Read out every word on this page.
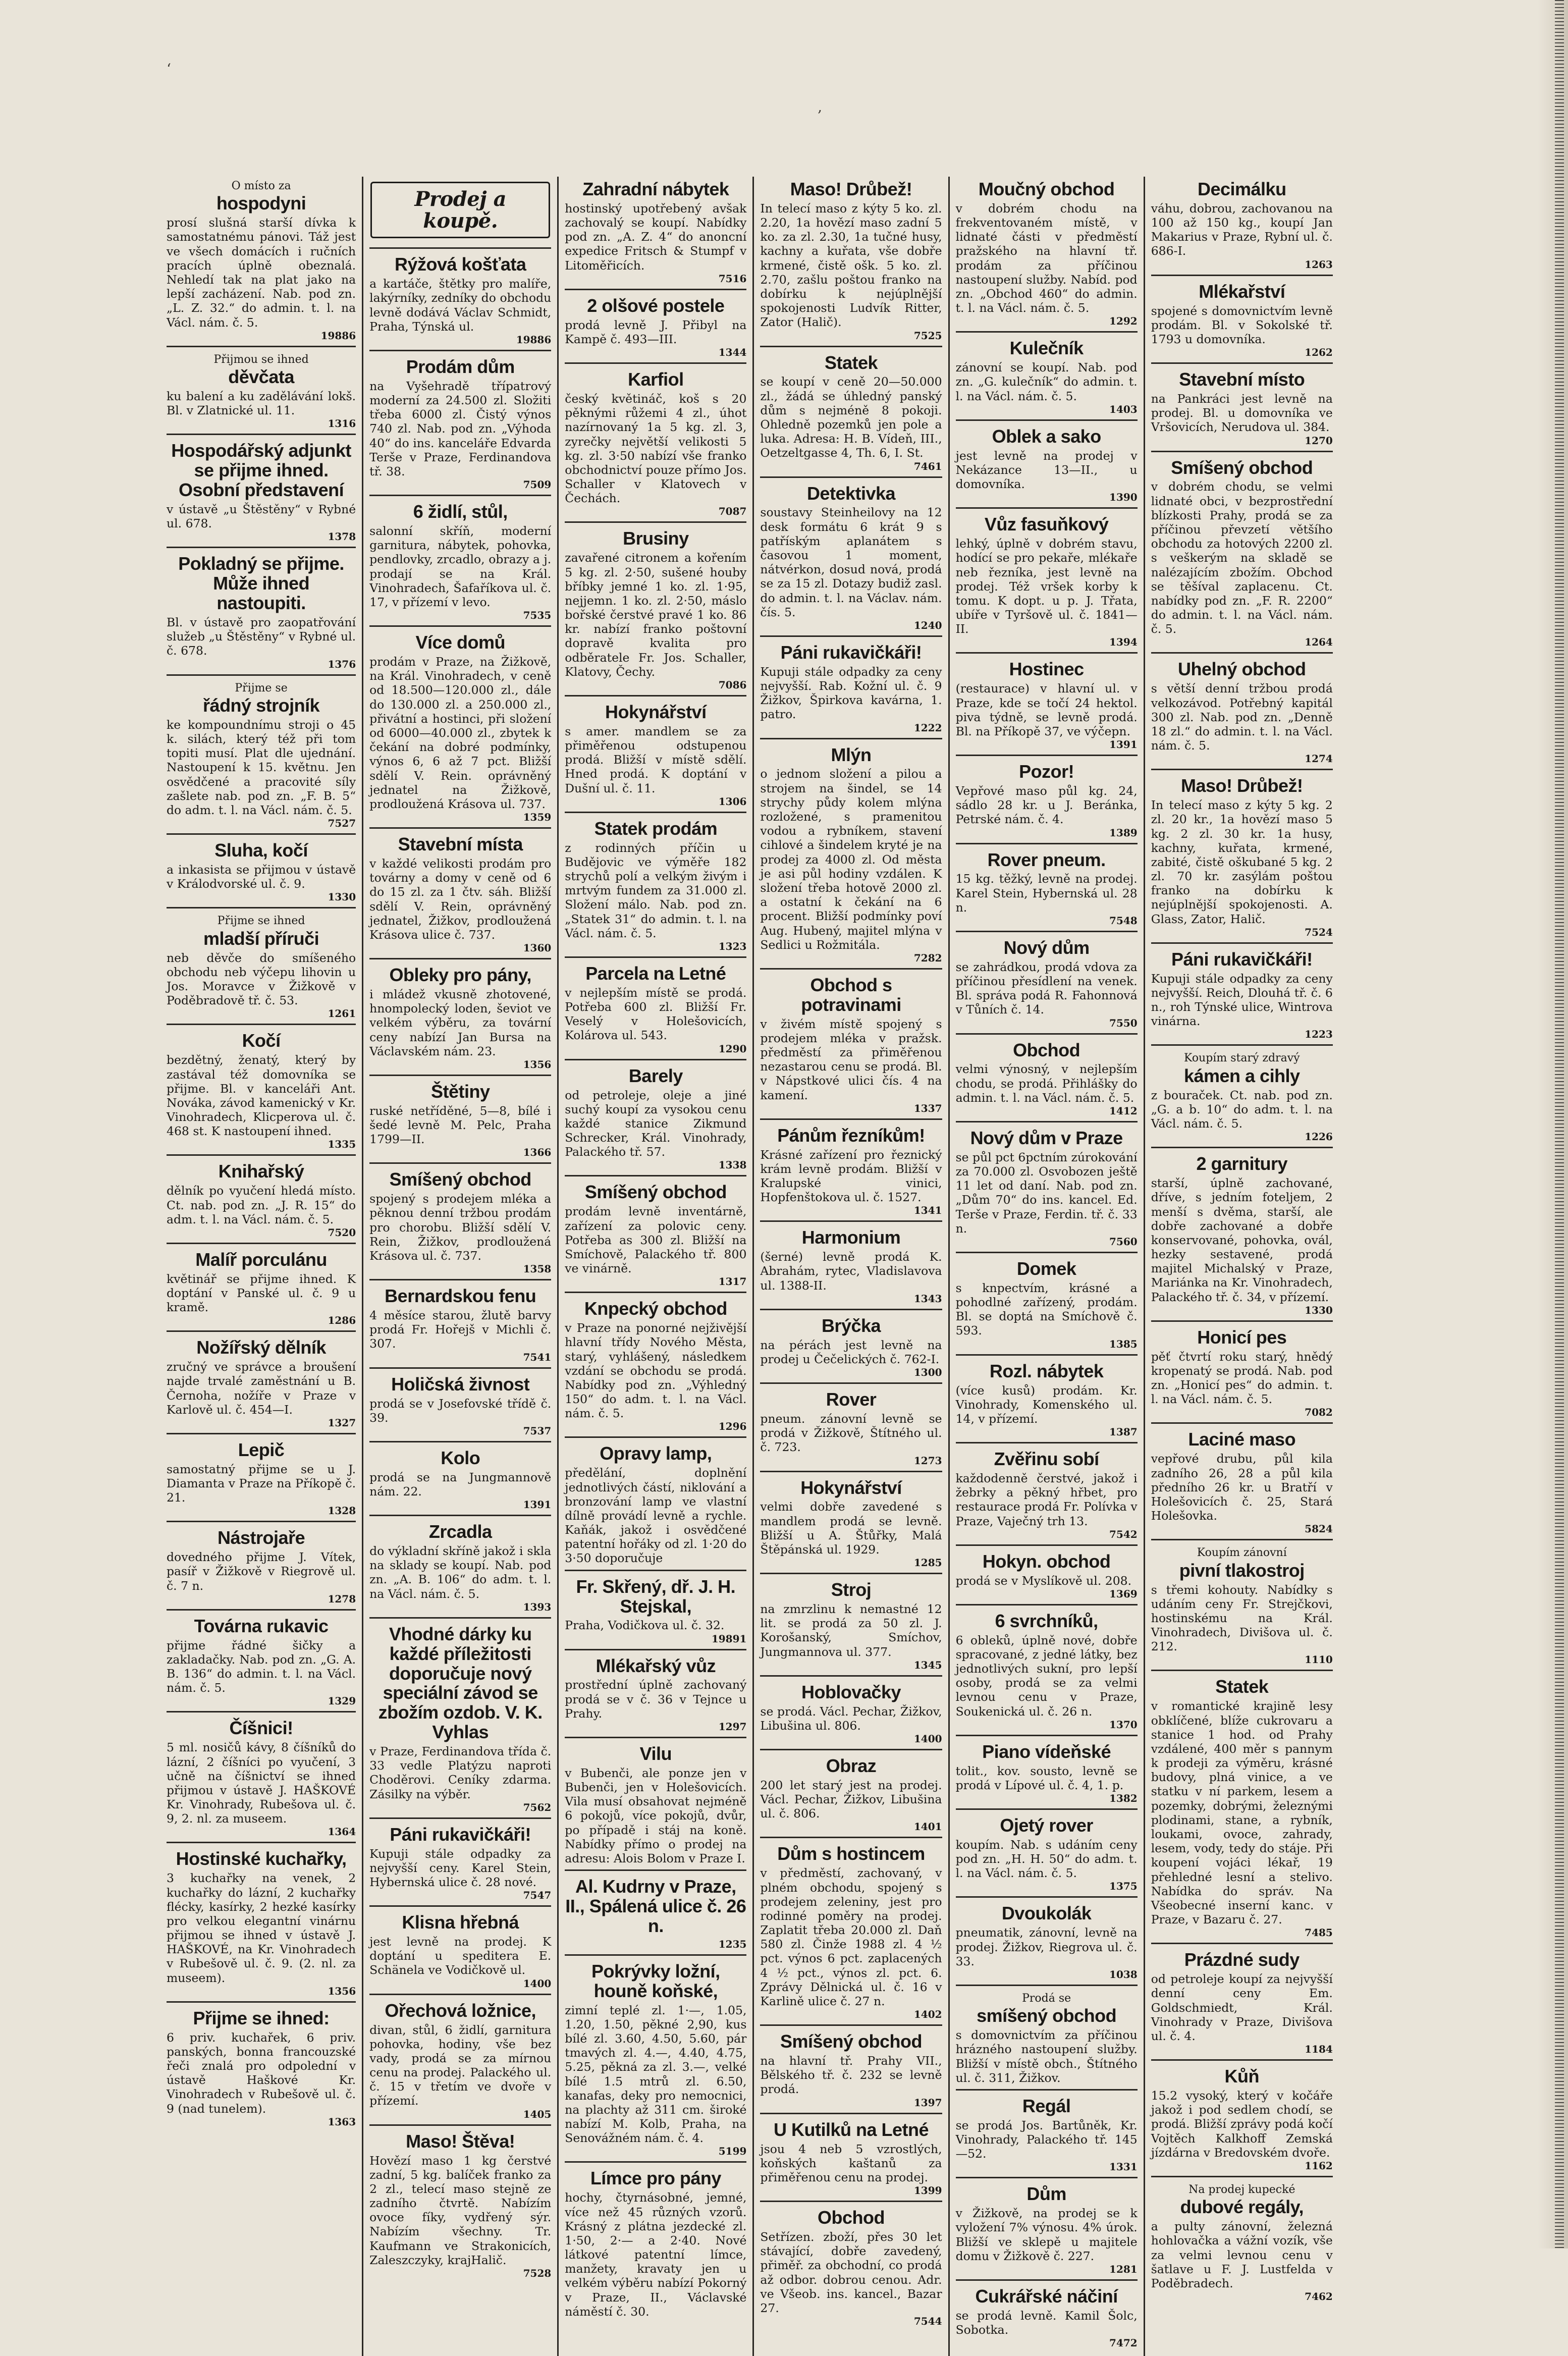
‘
‚
O místo za
hospodyni
prosí slušná starší dívka k samostatnému pánovi. Táž jest ve všech domácích i ručních pracích úplně obeznalá. Nehledí tak na plat jako na lepší zacházení. Nab. pod zn. „L. Z. 32.“ do admin. t. l. na Václ. nám. č. 5.
19886
Přijmou se ihned
děvčata
ku balení a ku zadělávání lokš. Bl. v Zlatnické ul. 11.
1316
Hospodářský adjunkt se přijme ihned. Osobní představení
v ústavě „u Štěstěny“ v Rybné ul. 678.
1378
Pokladný se přijme. Může ihned nastoupiti.
Bl. v ústavě pro zaopatřování služeb „u Štěstěny“ v Rybné ul. č. 678.
1376
Přijme se
řádný strojník
ke kompoundnímu stroji o 45 k. silách, který též při tom topiti musí. Plat dle ujednání. Nastoupení k 15. květnu. Jen osvědčené a pracovité síly zašlete nab. pod zn. „F. B. 5“ do adm. t. l. na Václ. nám. č. 5.
7527
Sluha, kočí
a inkasista se přijmou v ústavě v Králodvorské ul. č. 9.
1330
Přijme se ihned
mladší příruči
neb děvče do smíšeného obchodu neb výčepu lihovin u Jos. Moravce v Žižkově v Poděbradově tř. č. 53.
1261
Kočí
bezdětný, ženatý, který by zastával též domovníka se přijme. Bl. v kanceláři Ant. Nováka, závod kamenický v Kr. Vinohradech, Klicperova ul. č. 468 st. K nastoupení ihned.
1335
Knihařský
dělník po vyučení hledá místo. Ct. nab. pod zn. „J. R. 15“ do adm. t. l. na Václ. nám. č. 5.
7520
Malíř porculánu
květinář se přijme ihned. K doptání v Panské ul. č. 9 u kramě.
1286
Nožířský dělník
zručný ve správce a broušení najde trvalé zaměstnání u B. Černoha, nožíře v Praze v Karlově ul. č. 454—I.
1327
Lepič
samostatný přijme se u J. Diamanta v Praze na Příkopě č. 21.
1328
Nástrojaře
dovedného přijme J. Vítek, pasíř v Žižkově v Riegrově ul. č. 7 n.
1278
Továrna rukavic
přijme řádné šičky a zakladačky. Nab. pod zn. „G. A. B. 136“ do admin. t. l. na Václ. nám. č. 5.
1329
Číšnici!
5 ml. nosičů kávy, 8 číšníků do lázní, 2 číšníci po vyučení, 3 učně na číšnictví se ihned přijmou v ústavě J. HAŠKOVÉ Kr. Vinohrady, Rubešova ul. č. 9, 2. nl. za museem.
1364
Hostinské kuchařky,
3 kuchařky na venek, 2 kuchařky do lázní, 2 kuchařky flécky, kasírky, 2 hezké kasírky pro velkou elegantní vinárnu přijmou se ihned v ústavě J. HAŠKOVÉ, na Kr. Vinohradech v Rubešově ul. č. 9. (2. nl. za museem).
1356
Přijme se ihned:
6 priv. kuchařek, 6 priv. panských, bonna francouzské řeči znalá pro odpolední v ústavě Haškové Kr. Vinohradech v Rubešově ul. č. 9 (nad tunelem).
1363
Prodej a koupě.
Rýžová košťata
a kartáče, štětky pro malíře, lakýrníky, zedníky do obchodu levně dodává Václav Schmidt, Praha, Týnská ul.
19886
Prodám dům
na Vyšehradě třípatrový moderní za 24.500 zl. Složiti třeba 6000 zl. Čistý výnos 740 zl. Nab. pod zn. „Výhoda 40“ do ins. kanceláře Edvarda Terše v Praze, Ferdinandova tř. 38.
7509
6 židlí, stůl,
salonní skříň, moderní garnitura, nábytek, pohovka, pendlovky, zrcadlo, obrazy a j. prodají se na Král. Vinohradech, Šafaříkova ul. č. 17, v přízemí v levo.
7535
Více domů
prodám v Praze, na Žižkově, na Král. Vinohradech, v ceně od 18.500—120.000 zl., dále do 130.000 zl. a 250.000 zl., přivátní a hostinci, při složení od 6000—40.000 zl., zbytek k čekání na dobré podmínky, výnos 6, 6 až 7 pct. Bližší sdělí V. Rein. oprávněný jednatel na Žižkově, prodloužená Krásova ul. 737.
1359
Stavební místa
v každé velikosti prodám pro továrny a domy v ceně od 6 do 15 zl. za 1 čtv. sáh. Bližší sdělí V. Rein, oprávněný jednatel, Žižkov, prodloužená Krásova ulice č. 737.
1360
Obleky pro pány,
i mládež vkusně zhotovené, hnompolecký loden, ševiot ve velkém výběru, za tovární ceny nabízí Jan Bursa na Václavském nám. 23.
1356
Štětiny
ruské netříděné, 5—8, bílé i šedé levně M. Pelc, Praha 1799—II.
1366
Smíšený obchod
spojený s prodejem mléka a pěknou denní tržbou prodám pro chorobu. Bližší sdělí V. Rein, Žižkov, prodloužená Krásova ul. č. 737.
1358
Bernardskou fenu
4 měsíce starou, žlutě barvy prodá Fr. Hořejš v Michli č. 307.
7541
Holičská živnost
prodá se v Josefovské třídě č. 39.
7537
Kolo
prodá se na Jungmannově nám. 22.
1391
Zrcadla
do výkladní skříně jakož i skla na sklady se koupí. Nab. pod zn. „A. B. 106“ do adm. t. l. na Václ. nám. č. 5.
1393
Vhodné dárky ku každé příležitosti doporučuje nový speciální závod se zbožím ozdob. V. K. Vyhlas
v Praze, Ferdinandova třída č. 33 vedle Platýzu naproti Choděrovi. Ceníky zdarma. Zásilky na výběr.
7562
Páni rukavičkáři!
Kupuji stále odpadky za nejvyšší ceny. Karel Stein, Hybernská ulice č. 28 nové.
7547
Klisna hřebná
jest levně na prodej. K doptání u speditera E. Schänela ve Vodičkově ul.
1400
Ořechová ložnice,
divan, stůl, 6 židlí, garnitura pohovka, hodiny, vše bez vady, prodá se za mírnou cenu na prodej. Palackého ul. č. 15 v třetím ve dvoře v přízemí.
1405
Maso! Štěva!
Hovězí maso 1 kg čerstvé zadní, 5 kg. balíček franko za 2 zl., telecí maso stejně ze zadního čtvrtě. Nabízím ovoce fíky, vydřený sýr. Nabízím všechny. Tr. Kaufmann ve Strakonicích, Zaleszczyky, krajHalič.
7528
Zahradní nábytek
hostinský upotřebený avšak zachovalý se koupí. Nabídky pod zn. „A. Z. 4“ do anoncní expedice Fritsch & Stumpf v Litoměřicích.
7516
2 olšové postele
prodá levně J. Přibyl na Kampě č. 493—III.
1344
Karfiol
český květináč, koš s 20 pěknými růžemi 4 zl., úhot nazírnovaný 1a 5 kg. zl. 3, zyrečky největší velikosti 5 kg. zl. 3·50 nabízí vše franko obchodnictví pouze přímo Jos. Schaller v Klatovech v Čechách.
7087
Brusiny
zavařené citronem a kořením 5 kg. zl. 2·50, sušené houby bříbky jemné 1 ko. zl. 1·95, nejjemn. 1 ko. zl. 2·50, máslo bořské čerstvé pravé 1 ko. 86 kr. nabízí franko poštovní dopravě kvalita pro odběratele Fr. Jos. Schaller, Klatovy, Čechy.
7086
Hokynářství
s amer. mandlem se za přiměřenou odstupenou prodá. Bližší v místě sdělí. Hned prodá. K doptání v Dušní ul. č. 11.
1306
Statek prodám
z rodinných příčin u Budějovic ve výměře 182 strychů polí a velkým živým i mrtvým fundem za 31.000 zl. Složení málo. Nab. pod zn. „Statek 31“ do admin. t. l. na Václ. nám. č. 5.
1323
Parcela na Letné
v nejlepším místě se prodá. Potřeba 600 zl. Bližší Fr. Veselý v Holešovicích, Kolárova ul. 543.
1290
Barely
od petroleje, oleje a jiné suchý koupí za vysokou cenu každé stanice Zikmund Schrecker, Král. Vinohrady, Palackého tř. 57.
1338
Smíšený obchod
prodám levně inventárně, zařízení za polovic ceny. Potřeba as 300 zl. Bližší na Smíchově, Palackého tř. 800 ve vinárně.
1317
Knpecký obchod
v Praze na ponorné nejživější hlavní třídy Nového Města, starý, vyhlášený, následkem vzdání se obchodu se prodá. Nabídky pod zn. „Výhledný 150“ do adm. t. l. na Václ. nám. č. 5.
1296
Opravy lamp,
předělání, doplnění jednotlivých částí, niklování a bronzování lamp ve vlastní dílně provádí levně a rychle. Kaňák, jakož i osvědčené patentní hořáky od zl. 1·20 do 3·50 doporučuje
Fr. Skřený, dř. J. H. Stejskal,
Praha, Vodičkova ul. č. 32.
19891
Mlékařský vůz
prostřední úplně zachovaný prodá se v č. 36 v Tejnce u Prahy.
1297
Vilu
v Bubenči, ale ponze jen v Bubenči, jen v Holešovicích. Vila musí obsahovat nejméně 6 pokojů, více pokojů, dvůr, po případě i stáj na koně. Nabídky přímo o prodej na adresu: Alois Bolom v Praze I.
Al. Kudrny v Praze, II., Spálená ulice č. 26 n.
1235
Pokrývky ložní, houně koňské,
zimní teplé zl. 1·—, 1.05, 1.20, 1.50, pěkné 2,90, kus bílé zl. 3.60, 4.50, 5.60, pár tmavých zl. 4.—, 4.40, 4.75, 5.25, pěkná za zl. 3.—, velké bílé 1.5 mtrů zl. 6.50, kanafas, deky pro nemocnici, na plachty až 311 cm. široké nabízí M. Kolb, Praha, na Senovážném nám. č. 4.
5199
Límce pro pány
hochy, čtyrnásobné, jemné, více než 45 různých vzorů. Krásný z plátna jezdecké zl. 1·50, 2·— a 2·40. Nové látkové patentní límce, manžety, kravaty jen u velkém výběru nabízí Pokorný v Praze, II., Václavské náměstí č. 30.
Maso! Drůbež!
In telecí maso z kýty 5 ko. zl. 2.20, 1a hovězí maso zadní 5 ko. za zl. 2.30, 1a tučné husy, kachny a kuřata, vše dobře krmené, čistě ošk. 5 ko. zl. 2.70, zašlu poštou franko na dobírku k nejúplnější spokojenosti Ludvík Ritter, Zator (Halič).
7525
Statek
se koupí v ceně 20—50.000 zl., žádá se úhledný panský dům s nejméně 8 pokoji. Ohledně pozemků jen pole a luka. Adresa: H. B. Vídeň, III., Oetzeltgasse 4, Th. 6, I. St.
7461
Detektivka
soustavy Steinheilovy na 12 desk formátu 6 krát 9 s patříským aplanátem s časovou 1 moment, nátvérkon, dosud nová, prodá se za 15 zl. Dotazy budiž zasl. do admin. t. l. na Václav. nám. čís. 5.
1240
Páni rukavičkáři!
Kupuji stále odpadky za ceny nejvyšší. Rab. Kožní ul. č. 9 Žižkov, Špirkova kavárna, 1. patro.
1222
Mlýn
o jednom složení a pilou a strojem na šindel, se 14 strychy půdy kolem mlýna rozložené, s pramenitou vodou a rybníkem, stavení cihlové a šindelem kryté je na prodej za 4000 zl. Od města je asi půl hodiny vzdálen. K složení třeba hotově 2000 zl. a ostatní k čekání na 6 procent. Bližší podmínky poví Aug. Hubený, majitel mlýna v Sedlici u Rožmitála.
7282
Obchod s potravinami
v živém místě spojený s prodejem mléka v pražsk. předměstí za přiměřenou nezastarou cenu se prodá. Bl. v Nápstkové ulici čís. 4 na kamení.
1337
Pánům řezníkům!
Krásné zařízení pro řeznický krám levně prodám. Bližší v Kralupské vinici, Hopfenštokova ul. č. 1527.
1341
Harmonium
(šerné) levně prodá K. Abrahám, rytec, Vladislavova ul. 1388-II.
1343
Brýčka
na pérách jest levně na prodej u Čečelických č. 762-I.
1300
Rover
pneum. zánovní levně se prodá v Žižkově, Štítného ul. č. 723.
1273
Hokynářství
velmi dobře zavedené s mandlem prodá se levně. Bližší u A. Štůřky, Malá Štěpánská ul. 1929.
1285
Stroj
na zmrzlinu k nemastné 12 lit. se prodá za 50 zl. J. Korošanský, Smíchov, Jungmannova ul. 377.
1345
Hoblovačky
se prodá. Václ. Pechar, Žižkov, Libušina ul. 806.
1400
Obraz
200 let starý jest na prodej. Václ. Pechar, Žižkov, Libušina ul. č. 806.
1401
Dům s hostincem
v předměstí, zachovaný, v plném obchodu, spojený s prodejem zeleniny, jest pro rodinné poměry na prodej. Zaplatit třeba 20.000 zl. Daň 580 zl. Činže 1988 zl. 4 ½ pct. výnos 6 pct. zaplacených 4 ½ pct., výnos zl. pct. 6. Zprávy Dělnická ul. č. 16 v Karlině ulice č. 27 n.
1402
Smíšený obchod
na hlavní tř. Prahy VII., Bělského tř. č. 232 se levně prodá.
1397
U Kutilků na Letné
jsou 4 neb 5 vzrostlých, koňských kaštanů za přiměřenou cenu na prodej.
1399
Obchod
Setřízen. zboží, přes 30 let stávající, dobře zavedený, přiměř. za obchodní, co prodá až odbor. dobrou cenou. Adr. ve Všeob. ins. kancel., Bazar 27.
7544
Moučný obchod
v dobrém chodu na frekventovaném místě, v lidnaté části v předměstí pražského na hlavní tř. prodám za příčinou nastoupení služby. Nabíd. pod zn. „Obchod 460“ do admin. t. l. na Václ. nám. č. 5.
1292
Kulečník
zánovní se koupí. Nab. pod zn. „G. kulečník“ do admin. t. l. na Václ. nám. č. 5.
1403
Oblek a sako
jest levně na prodej v Nekázance 13—II., u domovníka.
1390
Vůz fasuňkový
lehký, úplně v dobrém stavu, hodící se pro pekaře, mlékaře neb řezníka, jest levně na prodej. Též vršek korby k tomu. K dopt. u p. J. Třata, ubíře v Tyršově ul. č. 1841—II.
1394
Hostinec
(restaurace) v hlavní ul. v Praze, kde se točí 24 hektol. piva týdně, se levně prodá. Bl. na Příkopě 37, ve výčepn.
1391
Pozor!
Vepřové maso půl kg. 24, sádlo 28 kr. u J. Beránka, Petrské nám. č. 4.
1389
Rover pneum.
15 kg. těžký, levně na prodej. Karel Stein, Hybernská ul. 28 n.
7548
Nový dům
se zahrádkou, prodá vdova za příčinou přesídlení na venek. Bl. správa podá R. Fahonnová v Tůních č. 14.
7550
Obchod
velmi výnosný, v nejlepším chodu, se prodá. Přihlášky do admin. t. l. na Václ. nám. č. 5.
1412
Nový dům v Praze
se půl pct 6pctním zúrokování za 70.000 zl. Osvobozen ještě 11 let od daní. Nab. pod zn. „Dům 70“ do ins. kancel. Ed. Terše v Praze, Ferdin. tř. č. 33 n.
7560
Domek
s knpectvím, krásné a pohodlné zařízený, prodám. Bl. se doptá na Smíchově č. 593.
1385
Rozl. nábytek
(více kusů) prodám. Kr. Vinohrady, Komenského ul. 14, v přízemí.
1387
Zvěřinu sobí
každodenně čerstvé, jakož i žebrky a pěkný hřbet, pro restaurace prodá Fr. Polívka v Praze, Vaječný trh 13.
7542
Hokyn. obchod
prodá se v Myslíkově ul. 208.
1369
6 svrchníků,
6 obleků, úplně nové, dobře spracované, z jedné látky, bez jednotlivých sukní, pro lepší osoby, prodá se za velmi levnou cenu v Praze, Soukenická ul. č. 26 n.
1370
Piano vídeňské
tolit., kov. sousto, levně se prodá v Lípové ul. č. 4, 1. p.
1382
Ojetý rover
koupím. Nab. s udáním ceny pod zn. „H. H. 50“ do adm. t. l. na Václ. nám. č. 5.
1375
Dvoukolák
pneumatik, zánovní, levně na prodej. Žižkov, Riegrova ul. č. 33.
1038
Prodá se
smíšený obchod
s domovnictvím za příčinou hrázného nastoupení služby. Bližší v místě obch., Štítného ul. č. 311, Žižkov.
Regál
se prodá Jos. Bartůněk, Kr. Vinohrady, Palackého tř. 145—52.
1331
Dům
v Žižkově, na prodej se k vyložení 7% výnosu. 4% úrok. Bližší ve sklepě u majitele domu v Žižkově č. 227.
1281
Cukrářské náčiní
se prodá levně. Kamil Šolc, Sobotka.
7472
Decimálku
váhu, dobrou, zachovanou na 100 až 150 kg., koupí Jan Makarius v Praze, Rybní ul. č. 686-I.
1263
Mlékařství
spojené s domovnictvím levně prodám. Bl. v Sokolské tř. 1793 u domovníka.
1262
Stavební místo
na Pankráci jest levně na prodej. Bl. u domovníka ve Vršovicích, Nerudova ul. 384.
1270
Smíšený obchod
v dobrém chodu, se velmi lidnaté obci, v bezprostřední blízkosti Prahy, prodá se za příčinou převzetí většího obchodu za hotových 2200 zl. s veškerým na skladě se nalézajícím zbožím. Obchod se těšíval zaplacenu. Ct. nabídky pod zn. „F. R. 2200“ do admin. t. l. na Václ. nám. č. 5.
1264
Uhelný obchod
s větší denní tržbou prodá velkozávod. Potřebný kapitál 300 zl. Nab. pod zn. „Denně 18 zl.“ do admin. t. l. na Václ. nám. č. 5.
1274
Maso! Drůbež!
In telecí maso z kýty 5 kg. 2 zl. 20 kr., 1a hovězí maso 5 kg. 2 zl. 30 kr. 1a husy, kachny, kuřata, krmené, zabité, čistě oškubané 5 kg. 2 zl. 70 kr. zasýlám poštou franko na dobírku k nejúplnější spokojenosti. A. Glass, Zator, Halič.
7524
Páni rukavičkáři!
Kupuji stále odpadky za ceny nejvyšší. Reich, Dlouhá tř. č. 6 n., roh Týnské ulice, Wintrova vinárna.
1223
Koupím starý zdravý
kámen a cihly
z bouraček. Ct. nab. pod zn. „G. a b. 10“ do adm. t. l. na Václ. nám. č. 5.
1226
2 garnitury
starší, úplně zachované, dříve, s jedním foteljem, 2 menší s dvěma, starší, ale dobře zachované a dobře konservované, pohovka, ovál, hezky sestavené, prodá majitel Michalský v Praze, Mariánka na Kr. Vinohradech, Palackého tř. č. 34, v přízemí.
1330
Honicí pes
pěť čtvrtí roku starý, hnědý kropenatý se prodá. Nab. pod zn. „Honicí pes“ do admin. t. l. na Václ. nám. č. 5.
7082
Laciné maso
vepřové drubu, půl kila zadního 26, 28 a půl kila předního 26 kr. u Bratří v Holešovicích č. 25, Stará Holešovka.
5824
Koupím zánovní
pivní tlakostroj
s třemi kohouty. Nabídky s udáním ceny Fr. Strejčkovi, hostinskému na Král. Vinohradech, Divišova ul. č. 212.
1110
Statek
v romantické krajině lesy obklíčené, blíže cukrovaru a stanice 1 hod. od Prahy vzdálené, 400 měr s pannym k prodeji za výměru, krásné budovy, plná vinice, a ve statku v ní parkem, lesem a pozemky, dobrými, železnými plodinami, stane, a rybník, loukami, ovoce, zahrady, lesem, vody, tedy do stáje. Při koupení vojáci lékař, 19 přehledné lesní a stelivo. Nabídka do správ. Na Všeobecné inserní kanc. v Praze, v Bazaru č. 27.
7485
Prázdné sudy
od petroleje koupí za nejvyšší denní ceny Em. Goldschmiedt, Král. Vinohrady v Praze, Divišova ul. č. 4.
1184
Kůň
15.2 vysoký, který v kočáře jakož i pod sedlem chodí, se prodá. Bližší zprávy podá kočí Vojtěch Kalkhoff Zemská jízdárna v Bredovském dvoře.
1162
Na prodej kupecké
dubové regály,
a pulty zánovní, železná hohlovačka a vážní vozík, vše za velmi levnou cenu v šatlave u F. J. Lustfelda v Poděbradech.
7462
